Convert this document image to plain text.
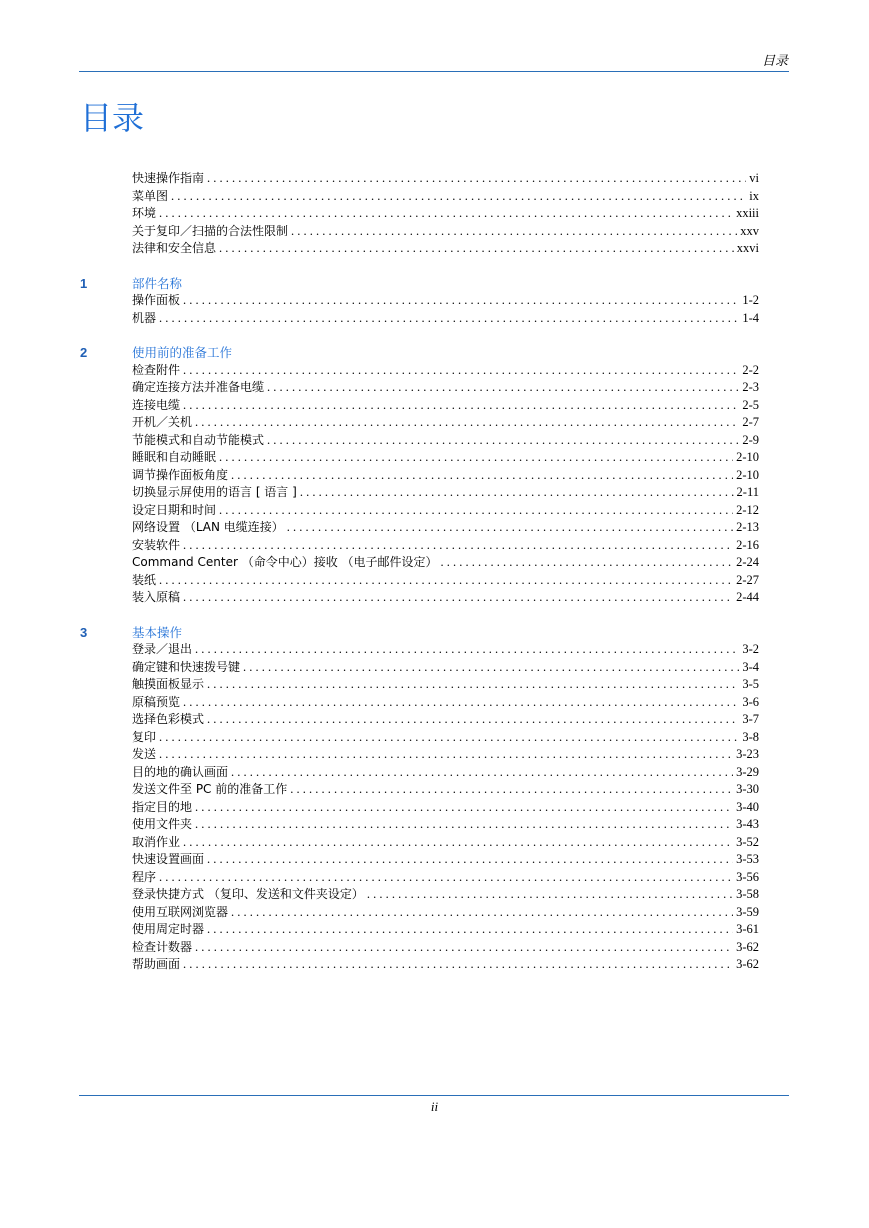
目录
目录
快速操作指南 . . .	vi
菜单图 . . .	ix
环境 . . .	xxiii
关于复印／扫描的合法性限制 . . .	xxv
法律和安全信息 . . .	xxvi
1	部件名称
操作面板 . . .	1-2
机器 . . .	1-4
2	使用前的准备工作
检查附件 . . .	2-2
确定连接方法并准备电缆 . . .	2-3
连接电缆 . . .	2-5
开机／关机 . . .	2-7
节能模式和自动节能模式 . . .	2-9
睡眠和自动睡眠 . . .	2-10
调节操作面板角度 . . .	2-10
切换显示屏使用的语言 [ 语言 ] . . .	2-11
设定日期和时间 . . .	2-12
网络设置 （LAN 电缆连接） . . .	2-13
安装软件 . . .	2-16
Command Center （命令中心）接收 （电子邮件设定） . . .	2-24
装纸 . . .	2-27
装入原稿 . . .	2-44
3	基本操作
登录／退出 . . .	3-2
确定键和快速拨号键 . . .	3-4
触摸面板显示 . . .	3-5
原稿预览 . . .	3-6
选择色彩模式 . . .	3-7
复印 . . .	3-8
发送 . . .	3-23
目的地的确认画面 . . .	3-29
发送文件至 PC 前的准备工作 . . .	3-30
指定目的地 . . .	3-40
使用文件夹 . . .	3-43
取消作业 . . .	3-52
快速设置画面 . . .	3-53
程序 . . .	3-56
登录快捷方式 （复印、发送和文件夹设定） . . .	3-58
使用互联网浏览器 . . .	3-59
使用周定时器 . . .	3-61
检查计数器 . . .	3-62
帮助画面 . . .	3-62
ii
